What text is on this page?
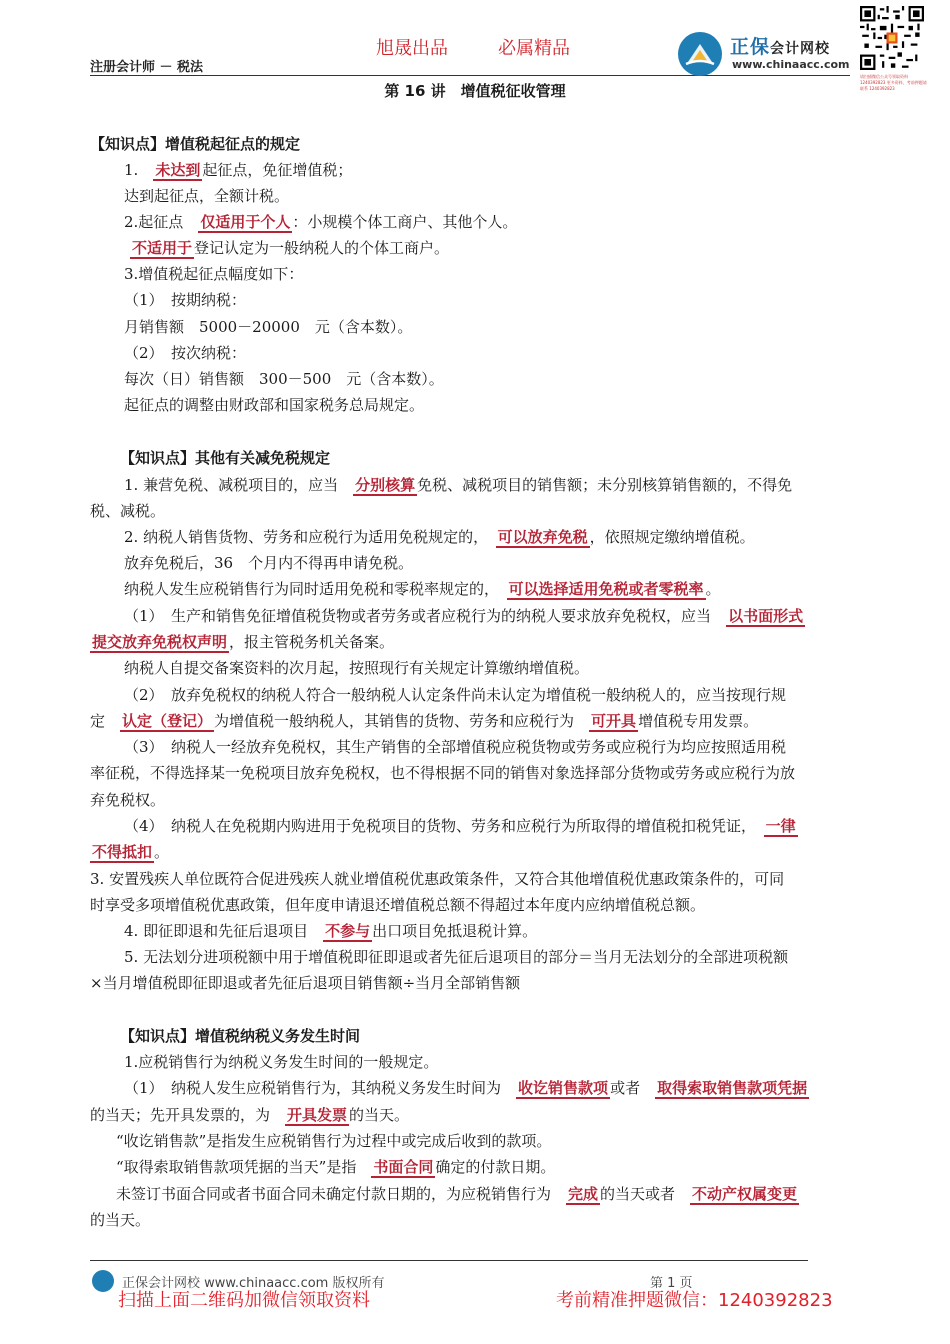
注册会计师 － 税法
旭晟出品	必属精品	正保会计网校
www.chinaacc.com
请扫描微信公众号领取资料 1240392823 更多资料，考前押题请联系 1240392823
第 16 讲　增值税征收管理
【知识点】增值税起征点的规定
1.　未达到 起征点，免征增值税；
达到起征点，全额计税。
2.起征点　仅适用于个人 ：小规模个体工商户、其他个人。
不适用于 登记认定为一般纳税人的个体工商户。
3.增值税起征点幅度如下：
（1）　按期纳税：
月销售额　5000－20000　元（含本数）。
（2）　按次纳税：
每次（日）销售额　300－500　元（含本数）。
起征点的调整由财政部和国家税务总局规定。
【知识点】其他有关减免税规定
1. 兼营免税、减税项目的，应当　分别核算 免税、减税项目的销售额；未分别核算销售额的，不得免
税、减税。
2. 纳税人销售货物、劳务和应税行为适用免税规定的，　可以放弃免税 ，依照规定缴纳增值税。
放弃免税后，36　个月内不得再申请免税。
纳税人发生应税销售行为同时适用免税和零税率规定的，　可以选择适用免税或者零税率 。
（1）　生产和销售免征增值税货物或者劳务或者应税行为的纳税人要求放弃免税权，应当　以书面形式
提交放弃免税权声明 ，报主管税务机关备案。
纳税人自提交备案资料的次月起，按照现行有关规定计算缴纳增值税。
（2）　放弃免税权的纳税人符合一般纳税人认定条件尚未认定为增值税一般纳税人的，应当按现行规
定　认定（登记） 为增值税一般纳税人，其销售的货物、劳务和应税行为　可开具 增值税专用发票。
（3）　纳税人一经放弃免税权，其生产销售的全部增值税应税货物或劳务或应税行为均应按照适用税
率征税，不得选择某一免税项目放弃免税权，也不得根据不同的销售对象选择部分货物或劳务或应税行为放
弃免税权。
（4）　纳税人在免税期内购进用于免税项目的货物、劳务和应税行为所取得的增值税扣税凭证，　一律
不得抵扣 。
3. 安置残疾人单位既符合促进残疾人就业增值税优惠政策条件，又符合其他增值税优惠政策条件的，可同
时享受多项增值税优惠政策，但年度申请退还增值税总额不得超过本年度内应纳增值税总额。
4. 即征即退和先征后退项目　不参与 出口项目免抵退税计算。
5. 无法划分进项税额中用于增值税即征即退或者先征后退项目的部分＝当月无法划分的全部进项税额
×当月增值税即征即退或者先征后退项目销售额÷当月全部销售额
【知识点】增值税纳税义务发生时间
1.应税销售行为纳税义务发生时间的一般规定。
（1）　纳税人发生应税销售行为，其纳税义务发生时间为　收讫销售款项 或者　取得索取销售款项凭据
的当天；先开具发票的，为　开具发票 的当天。
“收讫销售款”是指发生应税销售行为过程中或完成后收到的款项。
“取得索取销售款项凭据的当天”是指　书面合同 确定的付款日期。
未签订书面合同或者书面合同未确定付款日期的，为应税销售行为　完成 的当天或者　不动产权属变更
的当天。
正保会计网校 www.chinaacc.com 版权所有	第 1 页
扫描上面二维码加微信领取资料	考前精准押题微信：1240392823
